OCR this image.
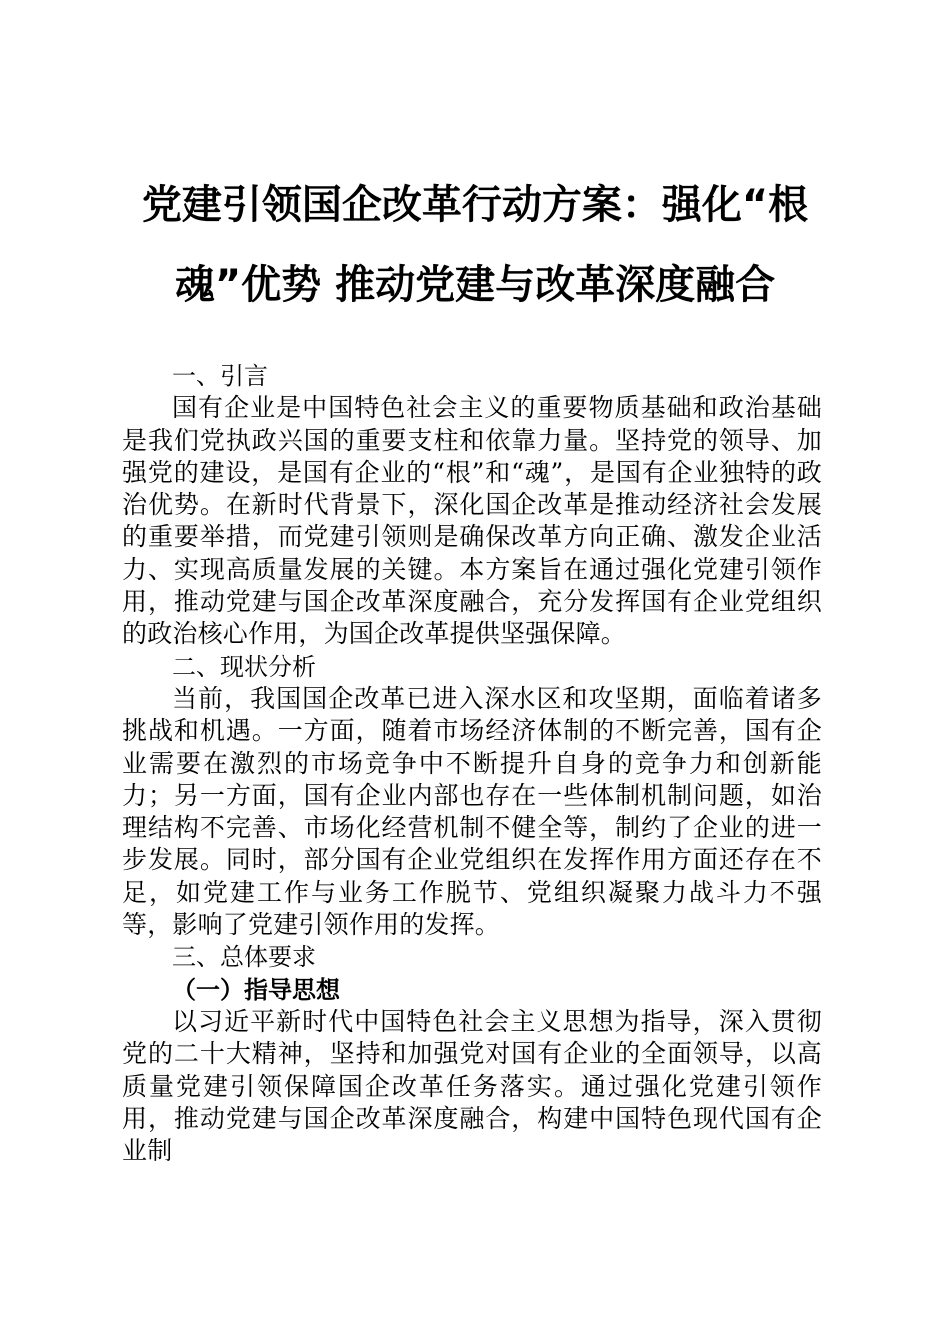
党建引领国企改革行动方案：强化“根魂”优势 推动党建与改革深度融合
一、引言

国有企业是中国特色社会主义的重要物质基础和政治基础是我们党执政兴国的重要支柱和依靠力量。坚持党的领导、加强党的建设，是国有企业的“根”和“魂”，是国有企业独特的政治优势。在新时代背景下，深化国企改革是推动经济社会发展的重要举措，而党建引领则是确保改革方向正确、激发企业活力、实现高质量发展的关键。本方案旨在通过强化党建引领作用，推动党建与国企改革深度融合，充分发挥国有企业党组织的政治核心作用，为国企改革提供坚强保障。

二、现状分析

当前，我国国企改革已进入深水区和攻坚期，面临着诸多挑战和机遇。一方面，随着市场经济体制的不断完善，国有企业需要在激烈的市场竞争中不断提升自身的竞争力和创新能力；另一方面，国有企业内部也存在一些体制机制问题，如治理结构不完善、市场化经营机制不健全等，制约了企业的进一步发展。同时，部分国有企业党组织在发挥作用方面还存在不足，如党建工作与业务工作脱节、党组织凝聚力战斗力不强等，影响了党建引领作用的发挥。

三、总体要求
（一）指导思想

以习近平新时代中国特色社会主义思想为指导，深入贯彻党的二十大精神，坚持和加强党对国有企业的全面领导，以高质量党建引领保障国企改革任务落实。通过强化党建引领作用，推动党建与国企改革深度融合，构建中国特色现代国有企业制
